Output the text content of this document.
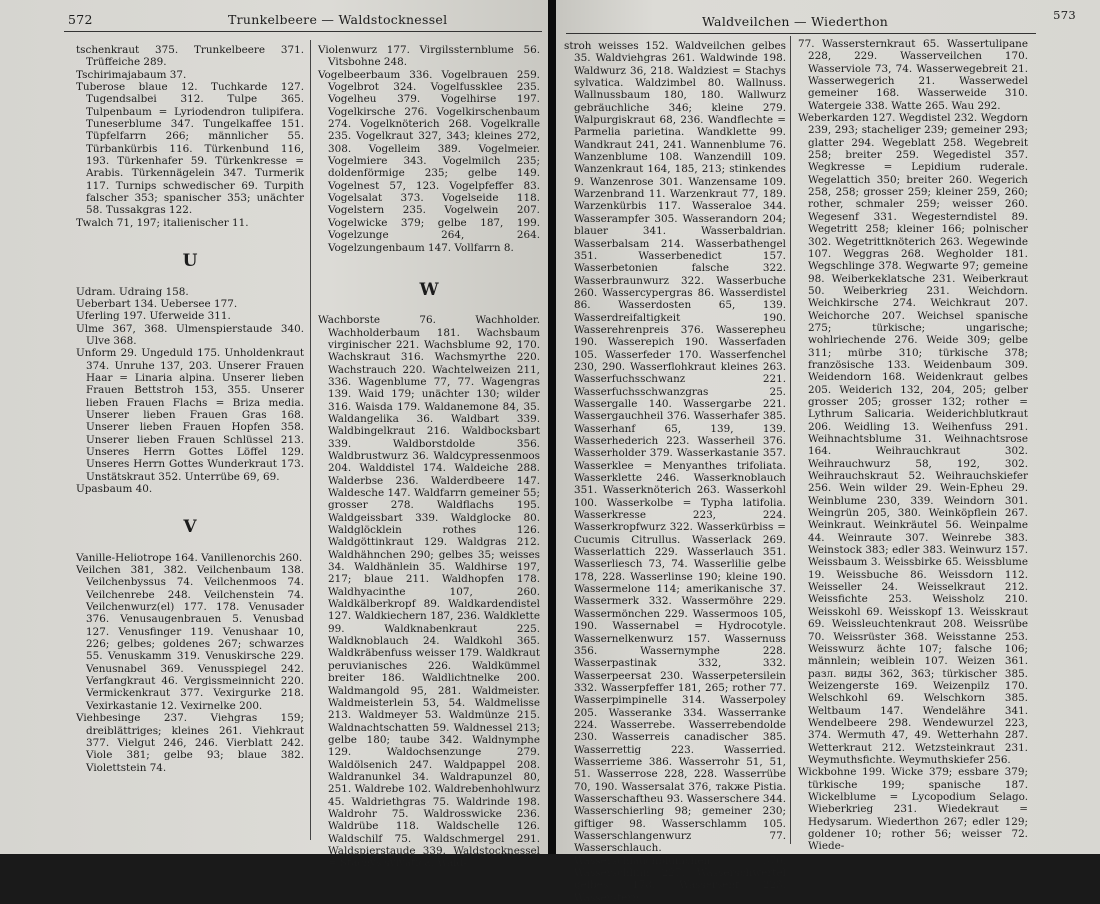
572	Trunkelbeere — Waldstocknessel

tschenkraut 375. Trunkelbeere 371. Trüffeiche 289.

Tschirimajabaum 37.

Tuberose blaue 12. Tuchkarde 127. Tugendsalbei 312. Tulpe 365. Tulpenbaum = Lyriodendron tulipifera. Tuneserblume 347. Tungelkaffee 151. Tüpfelfarrn 266; männlicher 55. Türbankürbis 116. Türkenbund 116, 193. Türkenhafer 59. Türkenkresse = Arabis. Türkennägelein 347. Turmerik 117. Turnips schwedischer 69. Turpith falscher 353; spanischer 353; unächter 58. Tussakgras 122.

Twalch 71, 197; italienischer 11.

U

Udram. Udraing 158.

Ueberbart 134. Uebersee 177.

Uferling 197. Uferweide 311.

Ulme 367, 368. Ulmenspierstaude 340. Ulve 368.

Unform 29. Ungeduld 175. Unholdenkraut 374. Unruhe 137, 203. Unserer Frauen Haar = Linaria alpina. Unserer lieben Frauen Bettstroh 153, 355. Unserer lieben Frauen Flachs = Briza media. Unserer lieben Frauen Gras 168. Unserer lieben Frauen Hopfen 358. Unserer lieben Frauen Schlüssel 213. Unseres Herrn Gottes Löffel 129. Unseres Herrn Gottes Wunderkraut 173. Unstätskraut 352. Unterrübe 69, 69.

Upasbaum 40.

V

Vanille-Heliotrope 164. Vanillenorchis 260.

Veilchen 381, 382. Veilchenbaum 138. Veilchenbyssus 74. Veilchenmoos 74. Veilchenrebe 248. Veilchenstein 74. Veilchenwurz(el) 177. 178. Venusader 376. Venusaugenbrauen 5. Venusbad 127. Venusfinger 119. Venushaar 10, 226; gelbes; goldenes 267; schwarzes 55. Venuskamm 319. Venuskirsche 229. Venusnabel 369. Venusspiegel 242. Verfangkraut 46. Vergissmeinnicht 220. Vermickenkraut 377. Vexirgurke 218. Vexirkastanie 12. Vexirnelke 200.

Viehbesinge 237. Viehgras 159; dreiblättriges; kleines 261. Viehkraut 377. Vielgut 246, 246. Vierblatt 242. Viole 381; gelbe 93; blaue 382. Violettstein 74.

Violenwurz 177. Virgilssternblume 56. Vitsbohne 248.

Vogelbeerbaum 336. Vogelbrauen 259. Vogelbrot 324. Vogelfussklee 235. Vogelheu 379. Vogelhirse 197. Vogelkirsche 276. Vogelkirschenbaum 274. Vogelknöterich 268. Vogelkralle 235. Vogelkraut 327, 343; kleines 272, 308. Vogelleim 389. Vogelmeier. Vogelmiere 343. Vogelmilch 235; doldenförmige 235; gelbe 149. Vogelnest 57, 123. Vogelpfeffer 83. Vogelsalat 373. Vogelseide 118. Vogelstern 235. Vogelwein 207. Vogelwicke 379; gelbe 187, 199. Vogelzunge 264, 264. Vogelzungenbaum 147. Vollfarrn 8.

W

Wachborste 76. Wachholder. Wachholderbaum 181. Wachsbaum virginischer 221. Wachsblume 92, 170. Wachskraut 316. Wachsmyrthe 220. Wachstrauch 220. Wachtelweizen 211, 336. Wagenblume 77, 77. Wagengras 139. Waid 179; unächter 130; wilder 316. Waisda 179. Waldanemone 84, 35. Waldangelika 36. Waldbart 339. Waldbingelkraut 216. Waldbocksbart 339. Waldborstdolde 356. Waldbrustwurz 36. Waldcypressenmoos 204. Walddistel 174. Waldeiche 288. Walderbse 236. Walderdbeere 147. Waldesche 147. Waldfarrn gemeiner 55; grosser 278. Waldflachs 195. Waldgeissbart 339. Waldglocke 80. Waldglöcklein rothes 126. Waldgöttinkraut 129. Waldgras 212. Waldhähnchen 290; gelbes 35; weisses 34. Waldhänlein 35. Waldhirse 197, 217; blaue 211. Waldhopfen 178. Waldhyacinthe 107, 260. Waldkälberkropf 89. Waldkardendistel 127. Waldkiechern 187, 236. Waldklette 99. Waldknabenkraut 225. Waldknoblauch 24. Waldkohl 365. Waldkräbenfuss weisser 179. Waldkraut peruvianisches 226. Waldkümmel breiter 186. Waldlichtnelke 200. Waldmangold 95, 281. Waldmeister. Waldmeisterlein 53, 54. Waldmelisse 213. Waldmeyer 53. Waldmünze 215. Waldnachtschatten 59. Waldnessel 213; gelbe 180; taube 342. Waldnymphe 129. Waldochsenzunge 279. Waldölsenich 247. Waldpappel 208. Waldranunkel 34. Waldrapunzel 80, 251. Waldrebe 102. Waldrebenhohlwurz 45. Waldriethgras 75. Waldrinde 198. Waldrohr 75. Waldrosswicke 236. Waldrübe 118. Waldschelle 126. Waldschilf 75. Waldschmergel 291. Waldspierstaude 339. Waldstocknessel = Stachys sylvatica. Wald-

Waldveilchen — Wiederthon	573

stroh weisses 152. Waldveilchen gelbes 35. Waldviehgras 261. Waldwinde 198. Waldwurz 36, 218. Waldziest = Stachys sylvatica. Waldzimbel 80. Wallnuss. Wallnussbaum 180, 180. Wallwurz gebräuchliche 346; kleine 279. Walpurgiskraut 68, 236. Wandflechte = Parmelia parietina. Wandklette 99. Wandkraut 241, 241. Wannenblume 76. Wanzenblume 108. Wanzendill 109. Wanzenkraut 164, 185, 213; stinkendes 9. Wanzenrose 301. Wanzensame 109. Warzenbrand 11. Warzenkraut 77, 189. Warzenkürbis 117. Wasseraloe 344. Wasserampfer 305. Wasserandorn 204; blauer 341. Wasserbaldrian. Wasserbalsam 214. Wasserbathengel 351. Wasserbenedict 157. Wasserbetonien falsche 322. Wasserbraunwurz 322. Wasserbuche 260. Wassercypergras 86. Wasserdistel 86. Wasserdosten 65, 139. Wasserdreifaltigkeit 190. Wasserehrenpreis 376. Wasserepheu 190. Wasserepich 190. Wasserfaden 105. Wasserfeder 170. Wasserfenchel 230, 290. Wasserflohkraut kleines 263. Wasserfuchsschwanz 221. Wasserfuchsschwanzgras 25. Wassergalle 140. Wassergarbe 221. Wassergauchheil 376. Wasserhafer 385. Wasserhanf 65, 139, 139. Wasserhederich 223. Wasserheil 376. Wasserholder 379. Wasserkastanie 357. Wasserklee = Menyanthes trifoliata. Wasserklette 246. Wasserknoblauch 351. Wasserknöterich 263. Wasserkohl 100. Wasserkolbe = Typha latifolia. Wasserkresse 223, 224. Wasserkropfwurz 322. Wasserkürbiss = Cucumis Citrullus. Wasserlack 269. Wasserlattich 229. Wasserlauch 351. Wasserliesch 73, 74. Wasserlilie gelbe 178, 228. Wasserlinse 190; kleine 190. Wassermelone 114; amerikanische 37. Wassermerk 332. Wassermöhre 229. Wassermönchen 229. Wassermoos 105, 190. Wassernabel = Hydrocotyle. Wassernelkenwurz 157. Wassernuss 356. Wassernymphe 228. Wasserpastinak 332, 332. Wasserpeersat 230. Wasserpetersilein 332. Wasserpfeffer 181, 265; rother 77. Wasserpimpinelle 314. Wasserpoley 205. Wasseranke 334. Wasserranke 224. Wasserrebe. Wasserrebendolde 230. Wasserreis canadischer 385. Wasserrettig 223. Wasserried. Wasserrieme 386. Wasserrohr 51, 51, 51. Wasserrose 228, 228. Wasserrübe 70, 190. Wassersalat 376, таkже Pistia. Wasserschaftheu 93. Wasserschere 344. Wasserschierling 98; gemeiner 230; giftiger 98. Wasserschlamm 105. Wasserschlangenwurz 77. Wasserschlauch. Wasserschlauchblümchen 370. Wasserschlinn 227. Wasserschwertel gelbes 178. Wassersenf 223. Wasserstern

77. Wassersternkraut 65. Wassertulipane 228, 229. Wasserveilchen 170. Wasserviole 73, 74. Wasserwegebreit 21. Wasserwegerich 21. Wasserwedel gemeiner 168. Wasserweide 310. Watergeie 338. Watte 265. Wau 292.

Weberkarden 127. Wegdistel 232. Wegdorn 239, 293; stacheliger 239; gemeiner 293; glatter 294. Wegeblatt 258. Wegebreit 258; breiter 259. Wegedistel 357. Wegkresse = Lepidium ruderale. Wegelattich 350; breiter 260. Wegerich 258, 258; grosser 259; kleiner 259, 260; rother, schmaler 259; weisser 260. Wegesenf 331. Wegesterndistel 89. Wegetritt 258; kleiner 166; polnischer 302. Wegetrittknöterich 263. Wegewinde 107. Weggras 268. Wegholder 181. Wegschlinge 378. Wegwarte 97; gemeine 98. Weiberkeklatsche 231. Weiberkraut 50. Weiberkrieg 231. Weichdorn. Weichkirsche 274. Weichkraut 207. Weichorche 207. Weichsel spanische 275; türkische; ungarische; wohlriechende 276. Weide 309; gelbe 311; mürbe 310; türkische 378; französische 133. Weidenbaum 309. Weidendorn 168. Weidenkraut gelbes 205. Weiderich 132, 204, 205; gelber grosser 205; grosser 132; rother = Lythrum Salicaria. Weiderichblutkraut 206. Weidling 13. Weihenfuss 291. Weihnachtsblume 31. Weihnachtsrose 164. Weihrauchkraut 302. Weihrauchwurz 58, 192, 302. Weihrauchskraut 52. Weihrauchskiefer 256. Wein wilder 29. Wein-Epheu 29. Weinblume 230, 339. Weindorn 301. Weingrün 205, 380. Weinköpflein 267. Weinkraut. Weinkräutel 56. Weinpalme 44. Weinraute 307. Weinrebe 383. Weinstock 383; edler 383. Weinwurz 157. Weissbaum 3. Weissbirke 65. Weissblume 19. Weissbuche 86. Weissdorn 112. Weisseller 24. Weisselkraut 212. Weissfichte 253. Weissholz 210. Weisskohl 69. Weisskopf 13. Weisskraut 69. Weissleuchtenkraut 208. Weissrübe 70. Weissrüster 368. Weisstanne 253. Weisswurz ächte 107; falsche 106; männlein; weiblein 107. Weizen 361. разл. виды 362, 363; türkischer 385. Weizengerste 169. Weizenpilz 170. Welschkohl 69. Welschkorn 385. Weltbaum 147. Wendelähre 341. Wendelbeere 298. Wendewurzel 223, 374. Wermuth 47, 49. Wetterhahn 287. Wetterkraut 212. Wetzsteinkraut 231. Weymuthsfichte. Weymuthskiefer 256.

Wickbohne 199. Wicke 379; essbare 379; türkische 199; spanische 187. Wickelblume = Lycopodium Selago. Wieberkrieg 231. Wiedekraut = Hedysarum. Wiederthon 267; edler 129; goldener 10; rother 56; weisser 72. Wiede-
